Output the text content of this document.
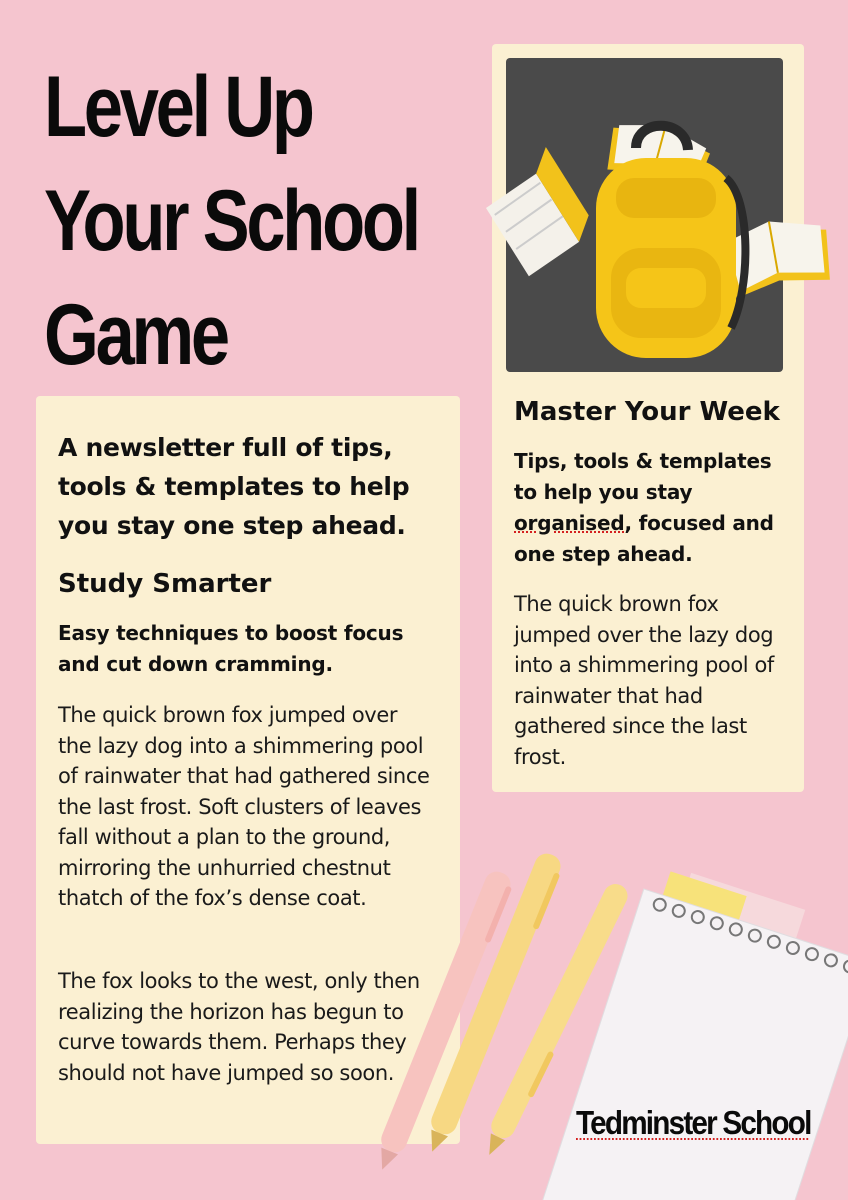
Level Up
Your School
Game

A newsletter full of tips, tools & templates to help you stay one step ahead.

Study Smarter

Easy techniques to boost focus and cut down cramming.

The quick brown fox jumped over the lazy dog into a shimmering pool of rainwater that had gathered since the last frost. Soft clusters of leaves fall without a plan to the ground, mirroring the unhurried chestnut thatch of the fox’s dense coat.

The fox looks to the west, only then realizing the horizon has begun to curve towards them. Perhaps they should not have jumped so soon.

Master Your Week

Tips, tools & templates to help you stay organised, focused and one step ahead.

The quick brown fox jumped over the lazy dog into a shimmering pool of rainwater that had gathered since the last frost.

Tedminster School
